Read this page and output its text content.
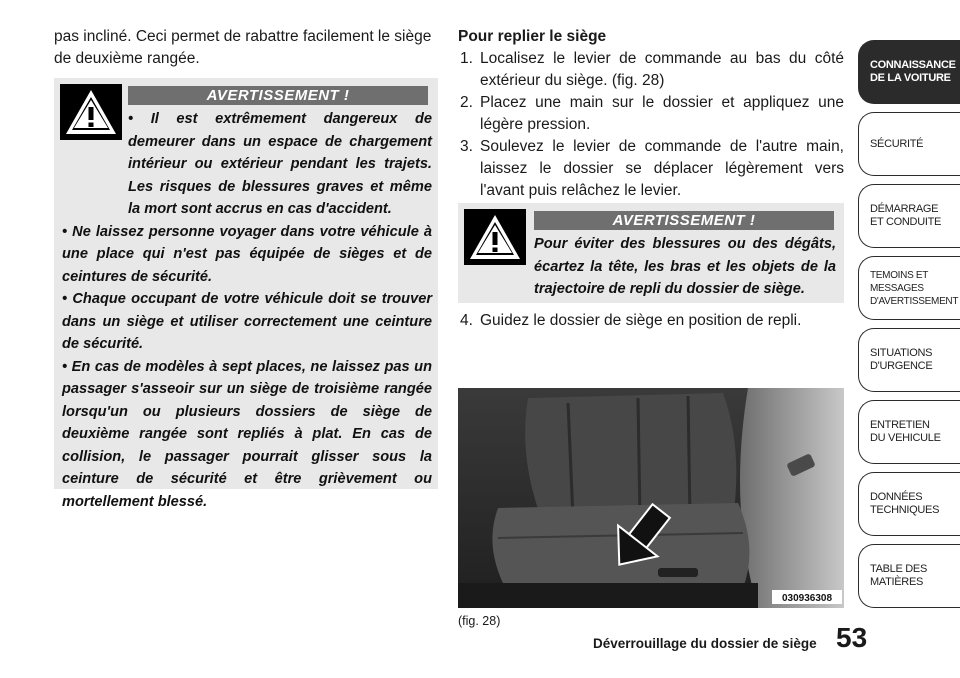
pas incliné. Ceci permet de rabattre facilement le siège de deuxième rangée.
AVERTISSEMENT !

• Il est extrêmement dangereux de demeurer dans un espace de chargement intérieur ou extérieur pendant les trajets. Les risques de blessures graves et même la mort sont accrus en cas d'accident.

• Ne laissez personne voyager dans votre véhicule à une place qui n'est pas équipée de sièges et de ceintures de sécurité.

• Chaque occupant de votre véhicule doit se trouver dans un siège et utiliser correctement une ceinture de sécurité.

• En cas de modèles à sept places, ne laissez pas un passager s'asseoir sur un siège de troisième rangée lorsqu'un ou plusieurs dossiers de siège de deuxième rangée sont repliés à plat. En cas de collision, le passager pourrait glisser sous la ceinture de sécurité et être grièvement ou mortellement blessé.

Pour replier le siège
1. Localisez le levier de commande au bas du côté extérieur du siège. (fig. 28)
2. Placez une main sur le dossier et appliquez une légère pression.
3. Soulevez le levier de commande de l'autre main, laissez le dossier se déplacer légèrement vers l'avant puis relâchez le levier.
AVERTISSEMENT !

Pour éviter des blessures ou des dégâts, écartez la tête, les bras et les objets de la trajectoire de repli du dossier de siège.

4. Guidez le dossier de siège en position de repli.
030936308
(fig. 28)
Déverrouillage du dossier de siège 53
CONNAISSANCE
DE LA VOITURE
SÉCURITÉ
DÉMARRAGE
ET CONDUITE
TEMOINS ET
MESSAGES
D'AVERTISSEMENT
SITUATIONS
D'URGENCE
ENTRETIEN
DU VEHICULE
DONNÉES
TECHNIQUES
TABLE DES
MATIÈRES
